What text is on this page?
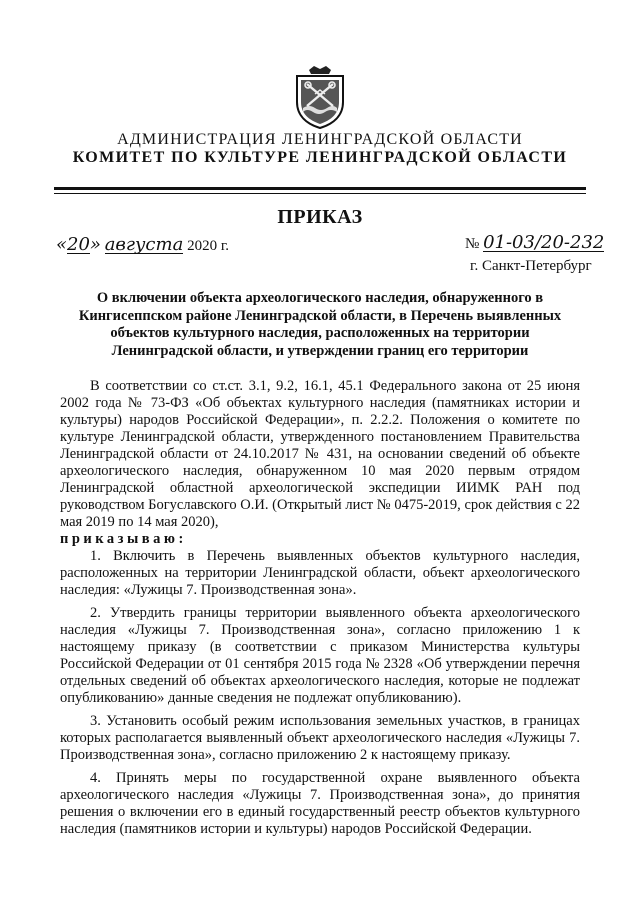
АДМИНИСТРАЦИЯ ЛЕНИНГРАДСКОЙ ОБЛАСТИ
КОМИТЕТ ПО КУЛЬТУРЕ ЛЕНИНГРАДСКОЙ ОБЛАСТИ
ПРИКАЗ
«20» августа 2020 г.	№ 01-03/20-232
г. Санкт-Петербург
О включении объекта археологического наследия, обнаруженного в Кингисеппском районе Ленинградской области, в Перечень выявленных объектов культурного наследия, расположенных на территории Ленинградской области, и утверждении границ его территории

В соответствии со ст.ст. 3.1, 9.2, 16.1, 45.1 Федерального закона от 25 июня 2002 года № 73-ФЗ «Об объектах культурного наследия (памятниках истории и культуры) народов Российской Федерации», п. 2.2.2. Положения о комитете по культуре Ленинградской области, утвержденного постановлением Правительства Ленинградской области от 24.10.2017 № 431, на основании сведений об объекте археологического наследия, обнаруженном 10 мая 2020 первым отрядом Ленинградской областной археологической экспедиции ИИМК РАН под руководством Богуславского О.И. (Открытый лист № 0475-2019, срок действия с 22 мая 2019 по 14 мая 2020),

приказываю:

1. Включить в Перечень выявленных объектов культурного наследия, расположенных на территории Ленинградской области, объект археологического наследия: «Лужицы 7. Производственная зона».

2. Утвердить границы территории выявленного объекта археологического наследия «Лужицы 7. Производственная зона», согласно приложению 1 к настоящему приказу (в соответствии с приказом Министерства культуры Российской Федерации от 01 сентября 2015 года № 2328 «Об утверждении перечня отдельных сведений об объектах археологического наследия, которые не подлежат опубликованию» данные сведения не подлежат опубликованию).

3. Установить особый режим использования земельных участков, в границах которых располагается выявленный объект археологического наследия «Лужицы 7. Производственная зона», согласно приложению 2 к настоящему приказу.

4. Принять меры по государственной охране выявленного объекта археологического наследия «Лужицы 7. Производственная зона», до принятия решения о включении его в единый государственный реестр объектов культурного наследия (памятников истории и культуры) народов Российской Федерации.
